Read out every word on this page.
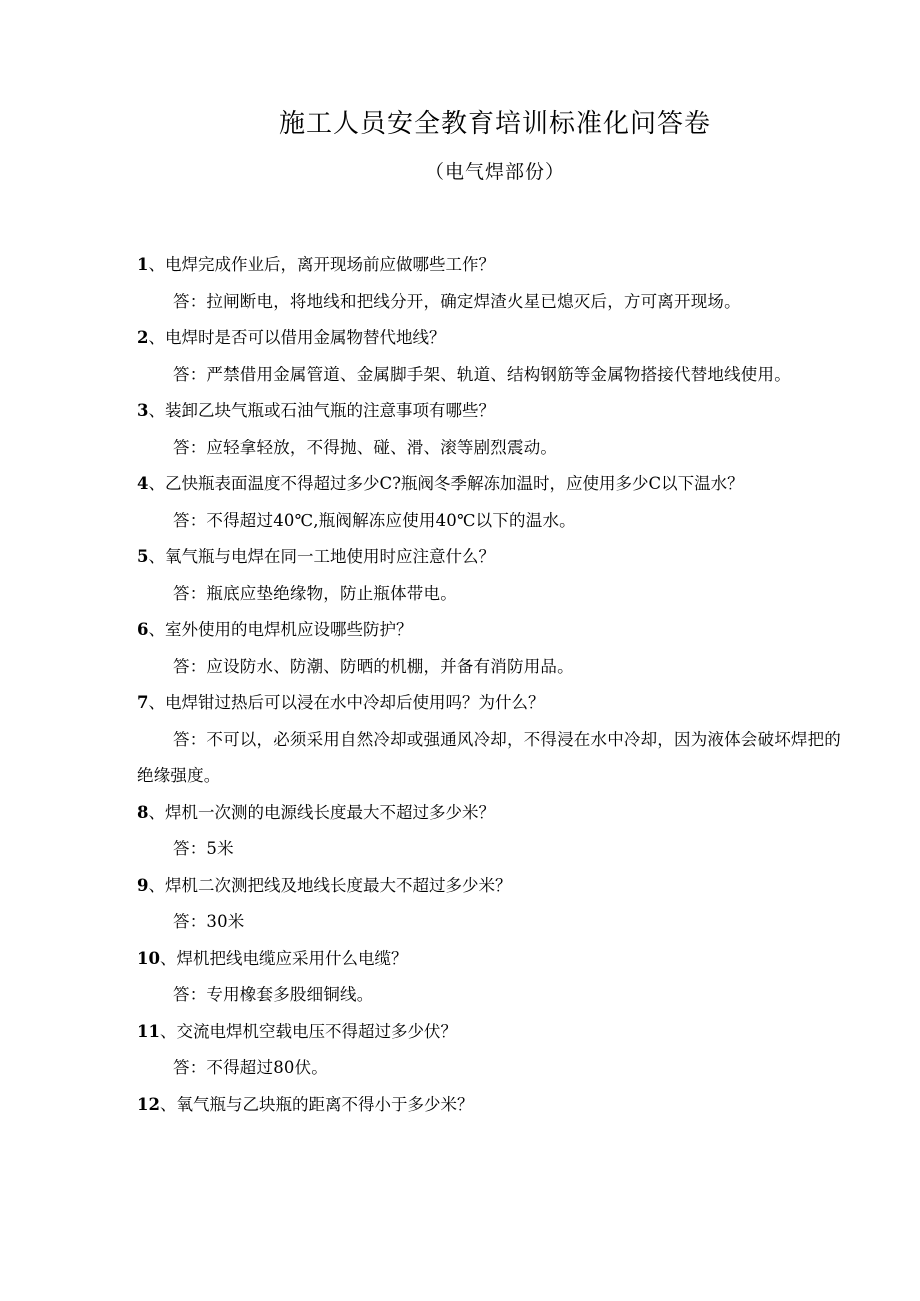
施工人员安全教育培训标准化问答卷
（电气焊部份）
1、电焊完成作业后，离开现场前应做哪些工作？
答：拉闸断电，将地线和把线分开，确定焊渣火星已熄灭后，方可离开现场。
2、电焊时是否可以借用金属物替代地线？
答：严禁借用金属管道、金属脚手架、轨道、结构钢筋等金属物搭接代替地线使用。
3、装卸乙块气瓶或石油气瓶的注意事项有哪些？
答：应轻拿轻放，不得抛、碰、滑、滚等剧烈震动。
4、乙快瓶表面温度不得超过多少C?瓶阀冬季解冻加温时，应使用多少C以下温水？
答：不得超过40℃,瓶阀解冻应使用40℃以下的温水。
5、氧气瓶与电焊在同一工地使用时应注意什么？
答：瓶底应垫绝缘物，防止瓶体带电。
6、室外使用的电焊机应设哪些防护？
答：应设防水、防潮、防晒的机棚，并备有消防用品。
7、电焊钳过热后可以浸在水中冷却后使用吗？为什么？
答：不可以，必须采用自然冷却或强通风冷却，不得浸在水中冷却，因为液体会破坏焊把的绝缘强度。
8、焊机一次测的电源线长度最大不超过多少米？
答：5米
9、焊机二次测把线及地线长度最大不超过多少米？
答：30米
10、焊机把线电缆应采用什么电缆？
答：专用橡套多股细铜线。
11、交流电焊机空载电压不得超过多少伏？
答：不得超过80伏。
12、氧气瓶与乙块瓶的距离不得小于多少米？
